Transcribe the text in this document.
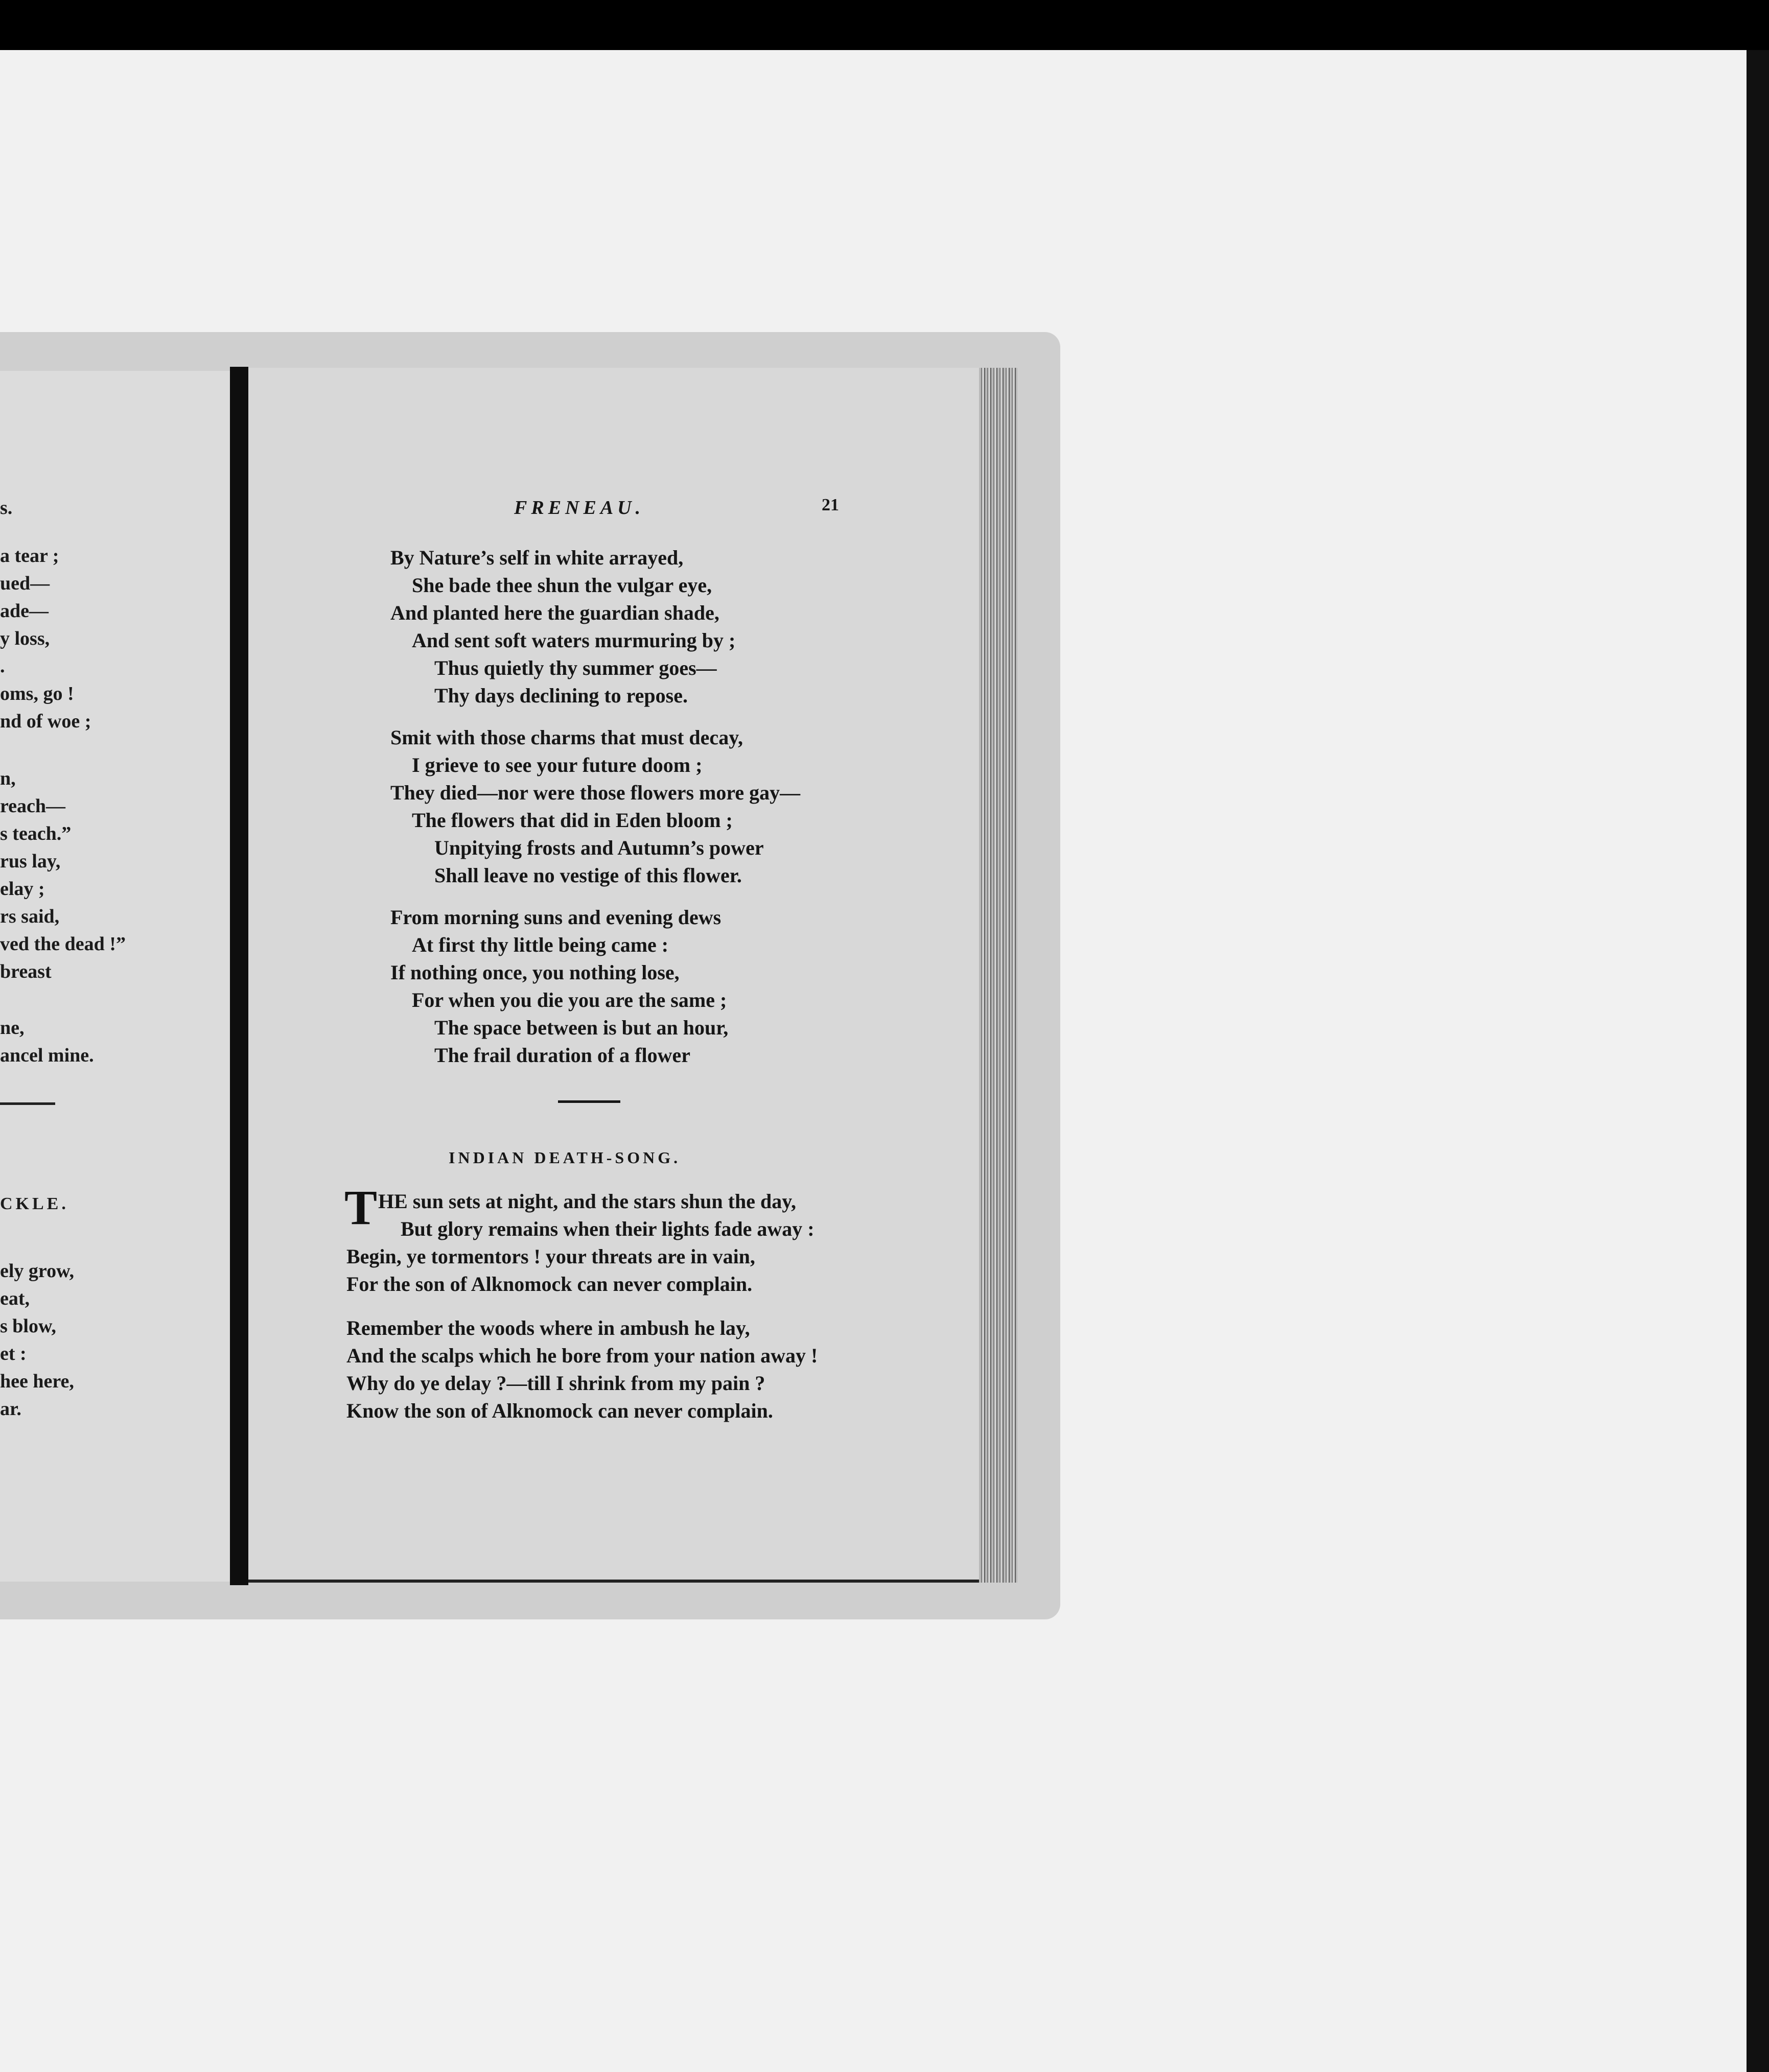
s.
a tear ;
ued—
ade—
y loss,
.
oms, go !
nd of woe ;
n,
reach—
s teach.”
rus lay,
elay ;
rs said,
ved the dead !”
breast
ne,
ancel mine.
CKLE.
ely grow,
eat,
s blow,
et :
hee here,
ar.
FRENEAU.	21
By Nature’s self in white arrayed,
She bade thee shun the vulgar eye,
And planted here the guardian shade,
And sent soft waters murmuring by ;
Thus quietly thy summer goes—
Thy days declining to repose.
Smit with those charms that must decay,
I grieve to see your future doom ;
They died—nor were those flowers more gay—
The flowers that did in Eden bloom ;
Unpitying frosts and Autumn’s power
Shall leave no vestige of this flower.
From morning suns and evening dews
At first thy little being came :
If nothing once, you nothing lose,
For when you die you are the same ;
The space between is but an hour,
The frail duration of a flower
INDIAN DEATH-SONG.
T HE sun sets at night, and the stars shun the day,
But glory remains when their lights fade away :
Begin, ye tormentors ! your threats are in vain,
For the son of Alknomock can never complain.
Remember the woods where in ambush he lay,
And the scalps which he bore from your nation away !
Why do ye delay ?—till I shrink from my pain ?
Know the son of Alknomock can never complain.
